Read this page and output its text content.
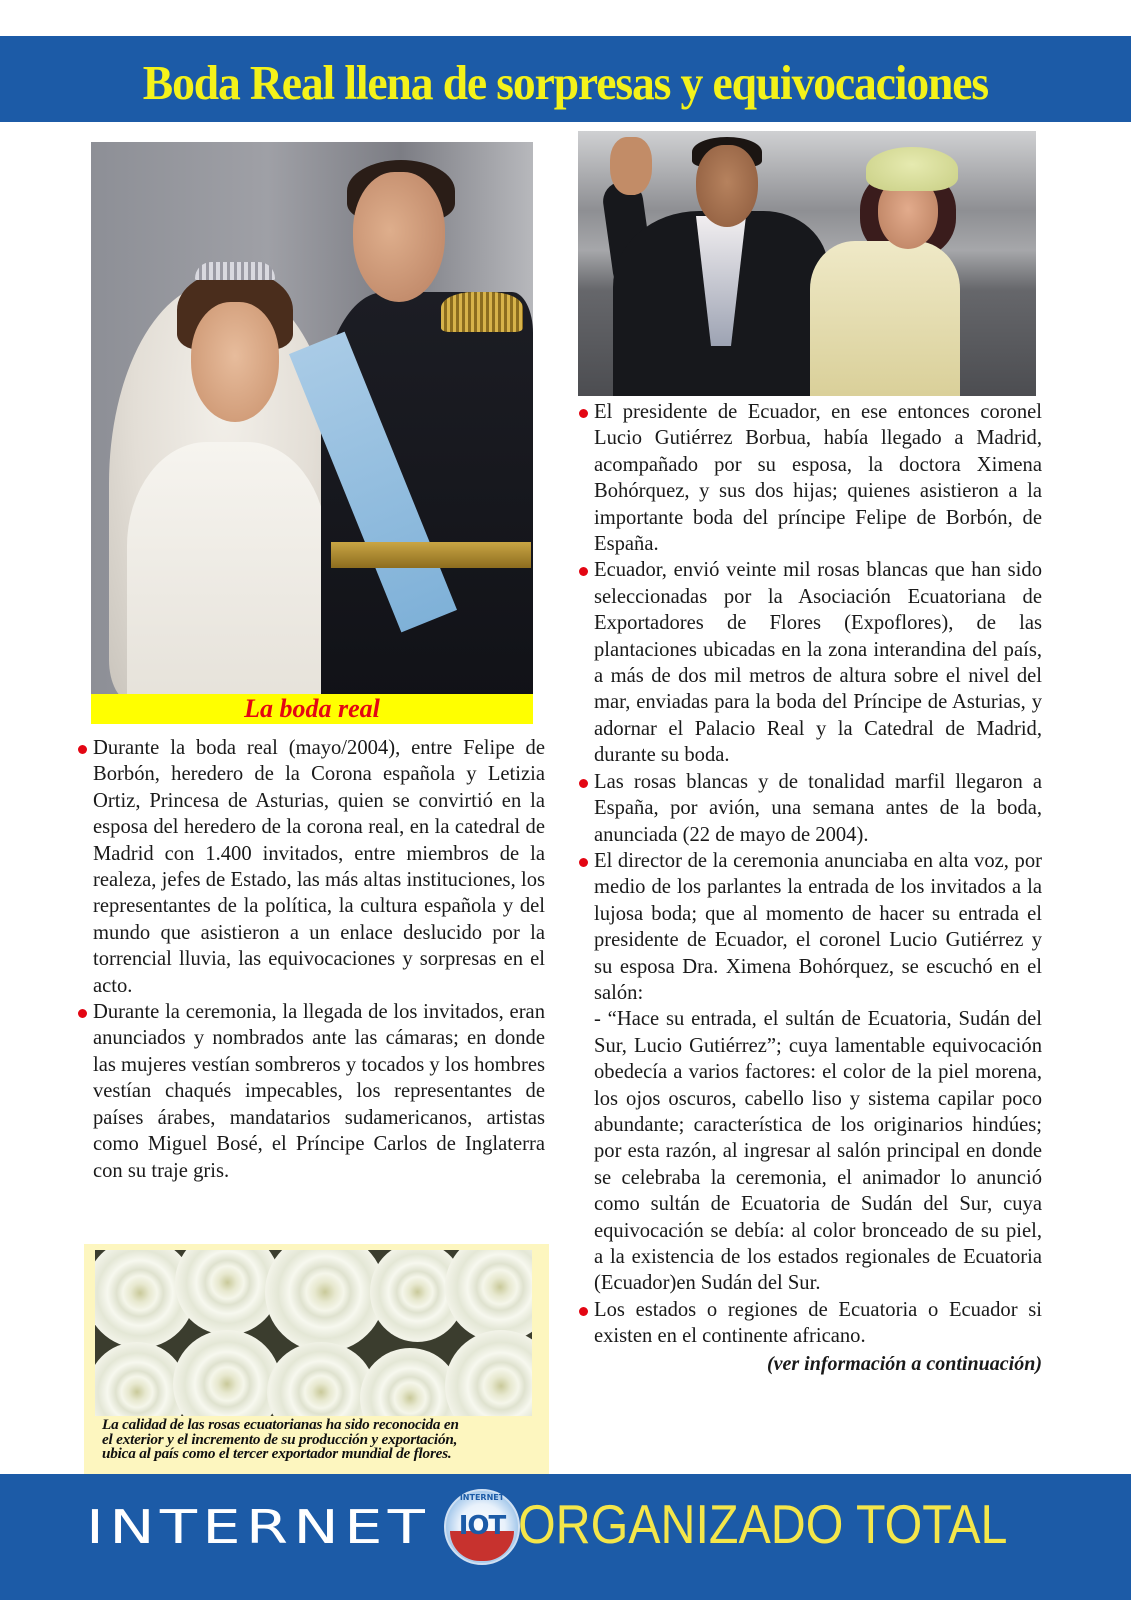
Boda Real llena de sorpresas y equivocaciones
La boda real

Durante la boda real (mayo/2004), entre Felipe de Borbón, heredero de la Corona española y Letizia Ortiz, Princesa de Asturias, quien se convirtió en la esposa del heredero de la corona real, en la catedral de Madrid con 1.400 invitados, entre miembros de la realeza, jefes de Estado, las más altas instituciones, los representantes de la política, la cultura española y del mundo que asistieron a un enlace deslucido por la torrencial lluvia, las equivocaciones y sorpresas en el acto.

Durante la ceremonia, la llegada de los invitados, eran anunciados y nombrados ante las cámaras; en donde las mujeres vestían sombreros y tocados y los hombres vestían chaqués impecables, los representantes de países árabes, mandatarios sudamericanos, artistas como Miguel Bosé, el Príncipe Carlos de Inglaterra con su traje gris.

La calidad de las rosas ecuatorianas ha sido reconocida en
el exterior y el incremento de su producción y exportación,
ubica al país como el tercer exportador mundial de flores.

El presidente de Ecuador, en ese entonces coronel Lucio Gutiérrez Borbua, había llegado a Madrid, acompañado por su esposa, la doctora Ximena Bohórquez, y sus dos hijas; quienes asistieron a la importante boda del príncipe Felipe de Borbón, de España.

Ecuador, envió veinte mil rosas blancas que han sido seleccionadas por la Asociación Ecuatoriana de Exportadores de Flores (Expoflores), de las plantaciones ubicadas en la zona interandina del país, a más de dos mil metros de altura sobre el nivel del mar, enviadas para la boda del Príncipe de Asturias, y adornar el Palacio Real y la Catedral de Madrid, durante su boda.

Las rosas blancas y de tonalidad marfil llegaron a España, por avión, una semana antes de la boda, anunciada (22 de mayo de 2004).

El director de la ceremonia anunciaba en alta voz, por medio de los parlantes la entrada de los invitados a la lujosa boda; que al momento de hacer su entrada el presidente de Ecuador, el coronel Lucio Gutiérrez y su esposa Dra. Ximena Bohórquez, se escuchó en el salón:

- “Hace su entrada, el sultán de Ecuatoria, Sudán del Sur, Lucio Gutiérrez”; cuya lamentable equivocación obedecía a varios factores: el color de la piel morena, los ojos oscuros, cabello liso y sistema capilar poco abundante; característica de los originarios hindúes; por esta razón, al ingresar al salón principal en donde se celebraba la ceremonia, el animador lo anunció como sultán de Ecuatoria de Sudán del Sur, cuya equivocación se debía: al color bronceado de su piel, a la existencia de los estados regionales de Ecuatoria (Ecuador)en Sudán del Sur.

Los estados o regiones de Ecuatoria o Ecuador si existen en el continente africano.

(ver información a continuación)
INTERNET
INTERNET
IOT ORGANIZADO TOTAL
